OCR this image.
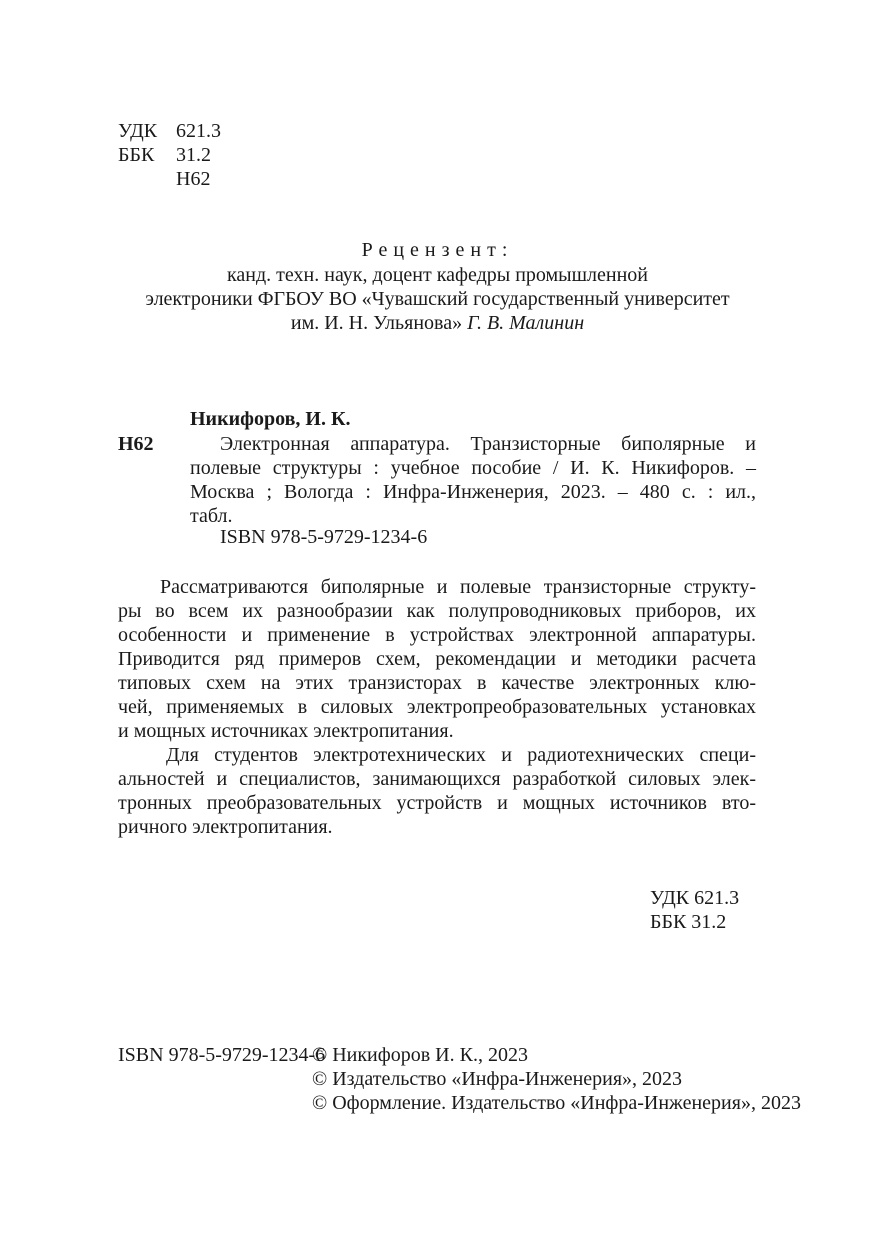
УДК 621.3
ББК	31.2
Н62
Рецензент:
канд. техн. наук, доцент кафедры промышленной
электроники ФГБОУ ВО «Чувашский государственный университет
им. И. Н. Ульянова» Г. В. Малинин
Никифоров, И. К.
Н62	Электронная аппаратура. Транзисторные биполярные и
полевые структуры : учебное пособие / И. К. Никифоров. –
Москва ; Вологда : Инфра-Инженерия, 2023. – 480 с. : ил.,
табл.
ISBN 978-5-9729-1234-6
Рассматриваются биполярные и полевые транзисторные структу-
ры во всем их разнообразии как полупроводниковых приборов, их
особенности и применение в устройствах электронной аппаратуры.
Приводится ряд примеров схем, рекомендации и методики расчета
типовых схем на этих транзисторах в качестве электронных клю-
чей, применяемых в силовых электропреобразовательных установках
и мощных источниках электропитания.
Для студентов электротехнических и радиотехнических специ-
альностей и специалистов, занимающихся разработкой силовых элек-
тронных преобразовательных устройств и мощных источников вто-
ричного электропитания.
УДК 621.3
ББК 31.2
ISBN 978-5-9729-1234-6
© Никифоров И. К., 2023
© Издательство «Инфра-Инженерия», 2023
© Оформление. Издательство «Инфра-Инженерия», 2023
